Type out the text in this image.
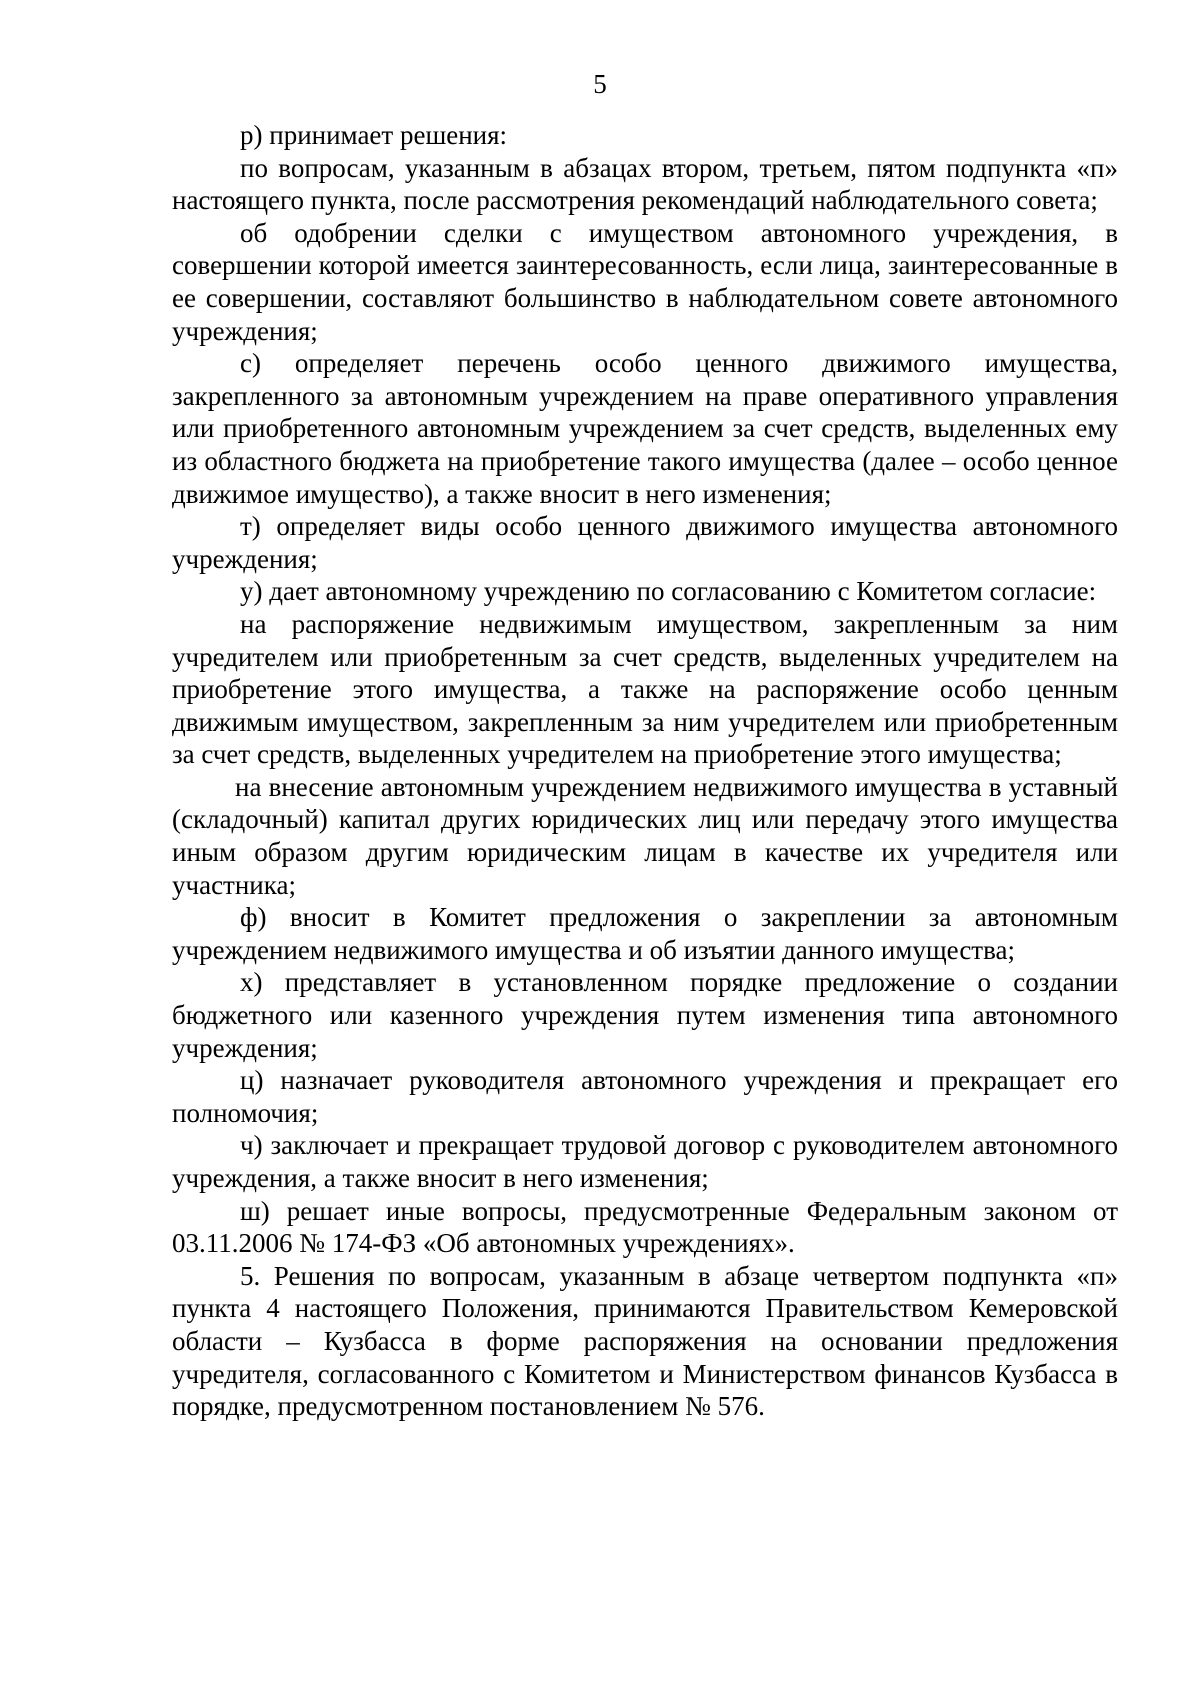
5

р) принимает решения:

по вопросам, указанным в абзацах втором, третьем, пятом подпункта «п» настоящего пункта, после рассмотрения рекомендаций наблюдательного совета;

об одобрении сделки с имуществом автономного учреждения, в совершении которой имеется заинтересованность, если лица, заинтересованные в ее совершении, составляют большинство в наблюдательном совете автономного учреждения;

с) определяет перечень особо ценного движимого имущества, закрепленного за автономным учреждением на праве оперативного управления или приобретенного автономным учреждением за счет средств, выделенных ему из областного бюджета на приобретение такого имущества (далее – особо ценное движимое имущество), а также вносит в него изменения;

т) определяет виды особо ценного движимого имущества автономного учреждения;

у) дает автономному учреждению по согласованию с Комитетом согласие:

на распоряжение недвижимым имуществом, закрепленным за ним учредителем или приобретенным за счет средств, выделенных учредителем на приобретение этого имущества, а также на распоряжение особо ценным движимым имуществом, закрепленным за ним учредителем или приобретенным за счет средств, выделенных учредителем на приобретение этого имущества;

на внесение автономным учреждением недвижимого имущества в уставный (складочный) капитал других юридических лиц или передачу этого имущества иным образом другим юридическим лицам в качестве их учредителя или участника;

ф) вносит в Комитет предложения о закреплении за автономным учреждением недвижимого имущества и об изъятии данного имущества;

х) представляет в установленном порядке предложение о создании бюджетного или казенного учреждения путем изменения типа автономного учреждения;

ц) назначает руководителя автономного учреждения и прекращает его полномочия;

ч) заключает и прекращает трудовой договор с руководителем автономного учреждения, а также вносит в него изменения;

ш) решает иные вопросы, предусмотренные Федеральным законом от 03.11.2006 № 174-ФЗ «Об автономных учреждениях».

5. Решения по вопросам, указанным в абзаце четвертом подпункта «п» пункта 4 настоящего Положения, принимаются Правительством Кемеровской области – Кузбасса в форме распоряжения на основании предложения учредителя, согласованного с Комитетом и Министерством финансов Кузбасса в порядке, предусмотренном постановлением № 576.
